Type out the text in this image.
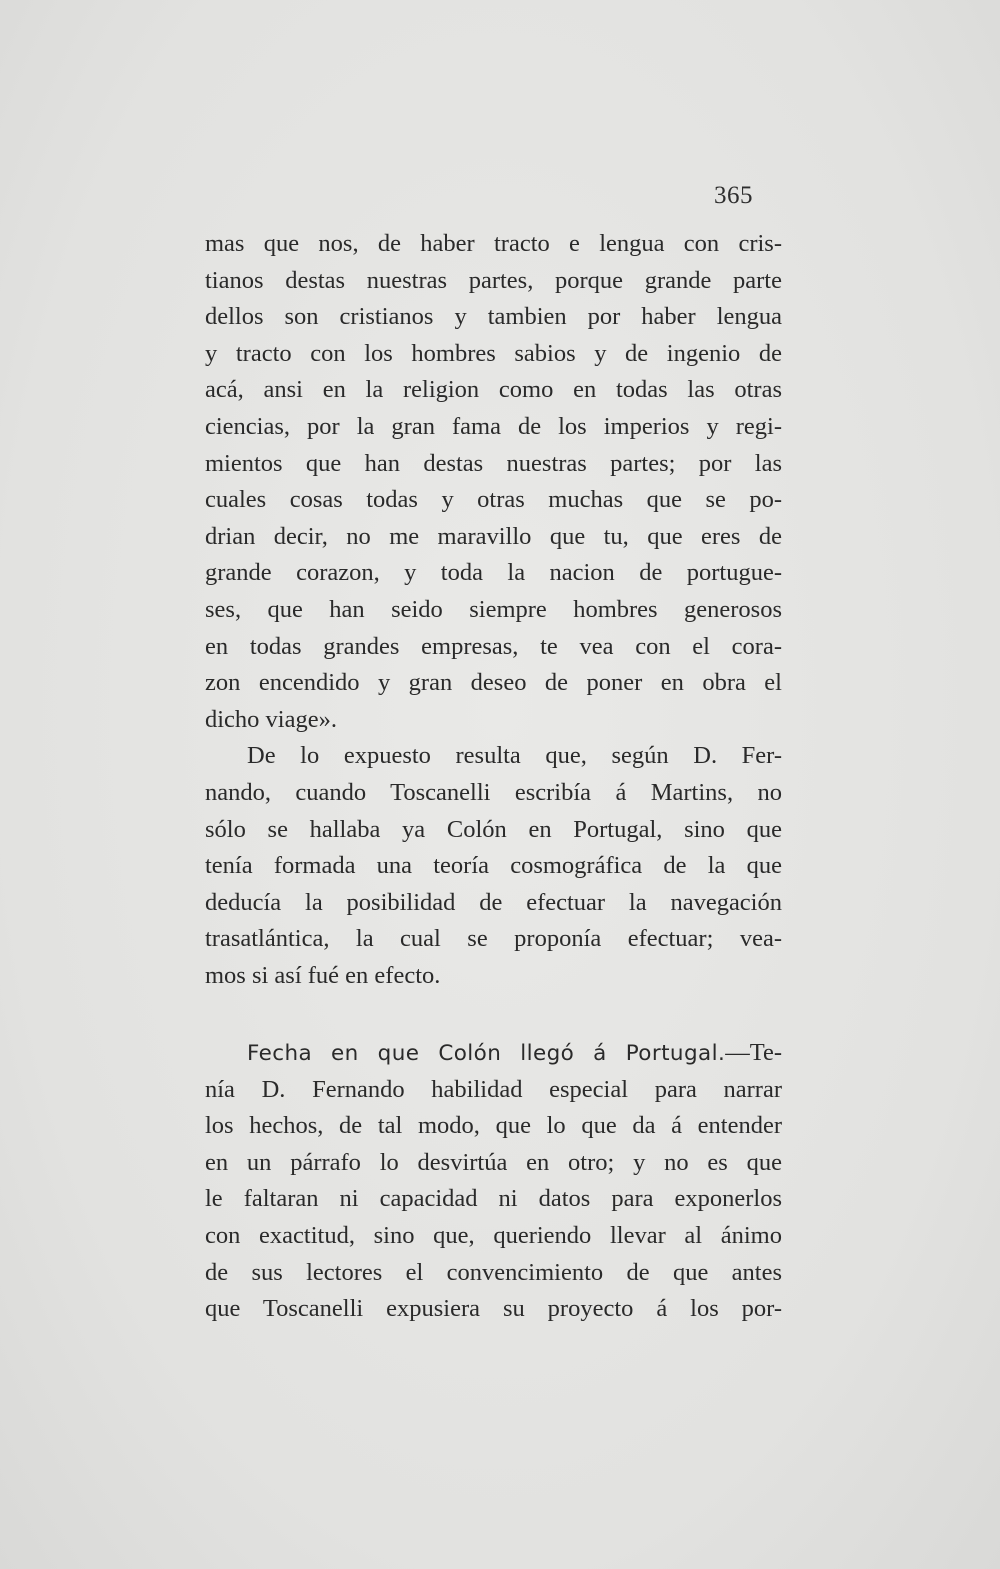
365
mas que nos, de haber tracto e lengua con cris-
tianos destas nuestras partes, porque grande parte
dellos son cristianos y tambien por haber lengua
y tracto con los hombres sabios y de ingenio de
acá, ansi en la religion como en todas las otras
ciencias, por la gran fama de los imperios y regi-
mientos que han destas nuestras partes; por las
cuales cosas todas y otras muchas que se po-
drian decir, no me maravillo que tu, que eres de
grande corazon, y toda la nacion de portugue-
ses, que han seido siempre hombres generosos
en todas grandes empresas, te vea con el cora-
zon encendido y gran deseo de poner en obra el
dicho viage».
De lo expuesto resulta que, según D. Fer-
nando, cuando Toscanelli escribía á Martins, no
sólo se hallaba ya Colón en Portugal, sino que
tenía formada una teoría cosmográfica de la que
deducía la posibilidad de efectuar la navegación
trasatlántica, la cual se proponía efectuar; vea-
mos si así fué en efecto.
Fecha en que Colón llegó á Portugal.—Te-
nía D. Fernando habilidad especial para narrar
los hechos, de tal modo, que lo que da á entender
en un párrafo lo desvirtúa en otro; y no es que
le faltaran ni capacidad ni datos para exponerlos
con exactitud, sino que, queriendo llevar al ánimo
de sus lectores el convencimiento de que antes
que Toscanelli expusiera su proyecto á los por-
